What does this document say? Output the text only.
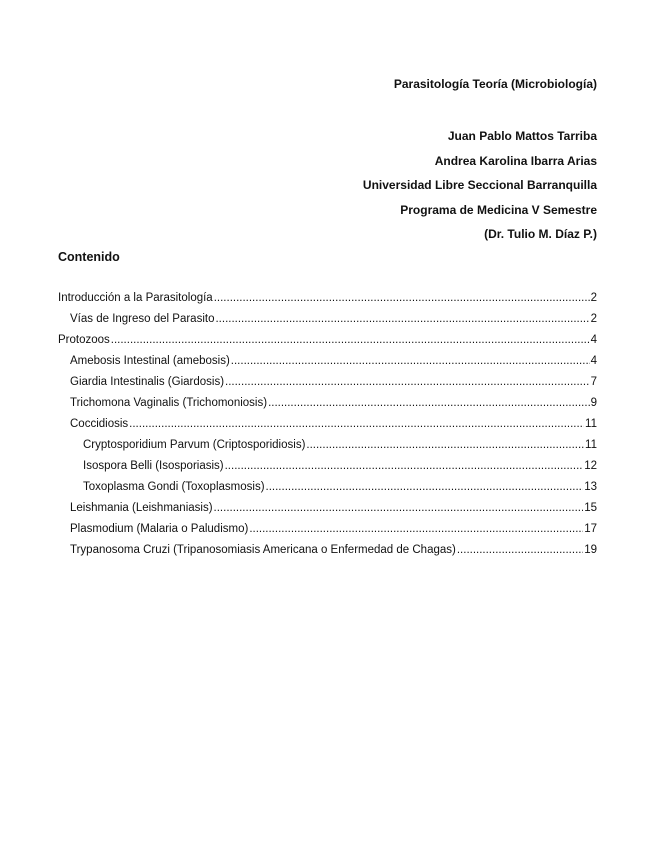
Parasitología Teoría (Microbiología)
Juan Pablo Mattos Tarriba
Andrea Karolina Ibarra Arias
Universidad Libre Seccional Barranquilla
Programa de Medicina V Semestre
(Dr. Tulio M. Díaz P.)
Contenido
Introducción a la Parasitología .....	2
Vías de Ingreso del Parasito .....	2
Protozoos .....	4
Amebosis Intestinal (amebosis) .....	4
Giardia Intestinalis (Giardosis) .....	7
Trichomona Vaginalis (Trichomoniosis) .....	9
Coccidiosis .....	11
Cryptosporidium Parvum (Criptosporidiosis) .....	11
Isospora Belli (Isosporiasis) .....	12
Toxoplasma Gondi (Toxoplasmosis) .....	13
Leishmania (Leishmaniasis) .....	15
Plasmodium (Malaria o Paludismo) .....	17
Trypanosoma Cruzi (Tripanosomiasis Americana o Enfermedad de Chagas) .....	19
